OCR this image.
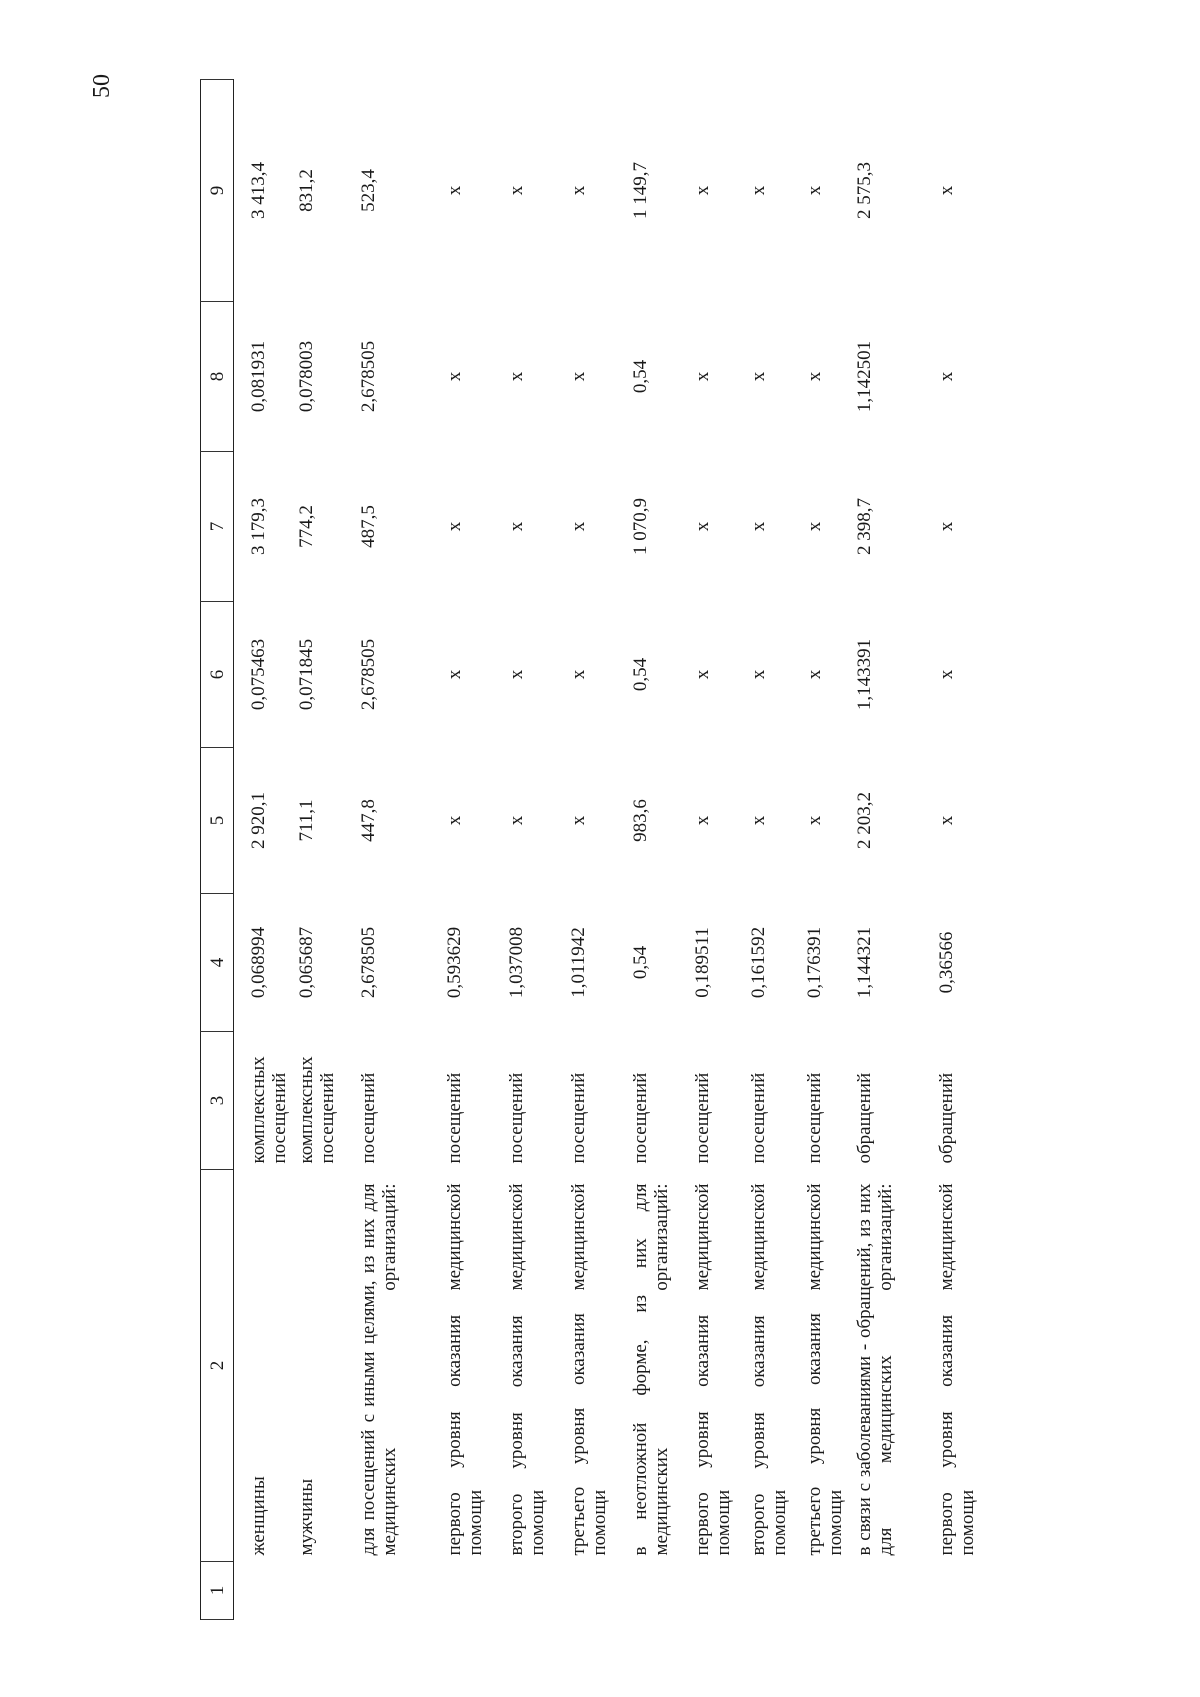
50
1	2	3	4	5	6	7	8	9
	женщины	комплексных посещений	0,068994	2 920,1	0,075463	3 179,3	0,081931	3 413,4
	мужчины	комплексных посещений	0,065687	711,1	0,071845	774,2	0,078003	831,2
	для посещений с иными целями, из них для медицинских организаций:	посещений	2,678505	447,8	2,678505	487,5	2,678505	523,4
	первого уровня оказания медицинской помощи	посещений	0,593629	х	х	х	х	х
	второго уровня оказания медицинской помощи	посещений	1,037008	х	х	х	х	х
	третьего уровня оказания медицинской помощи	посещений	1,011942	х	х	х	х	х
	в неотложной форме, из них для медицинских организаций:	посещений	0,54	983,6	0,54	1 070,9	0,54	1 149,7
	первого уровня оказания медицинской помощи	посещений	0,189511	х	х	х	х	х
	второго уровня оказания медицинской помощи	посещений	0,161592	х	х	х	х	х
	третьего уровня оказания медицинской помощи	посещений	0,176391	х	х	х	х	х
	в связи с заболеваниями - обращений, из них для медицинских организаций:	обращений	1,144321	2 203,2	1,143391	2 398,7	1,142501	2 575,3
	первого уровня оказания медицинской помощи	обращений	0,36566	х	х	х	х	х
